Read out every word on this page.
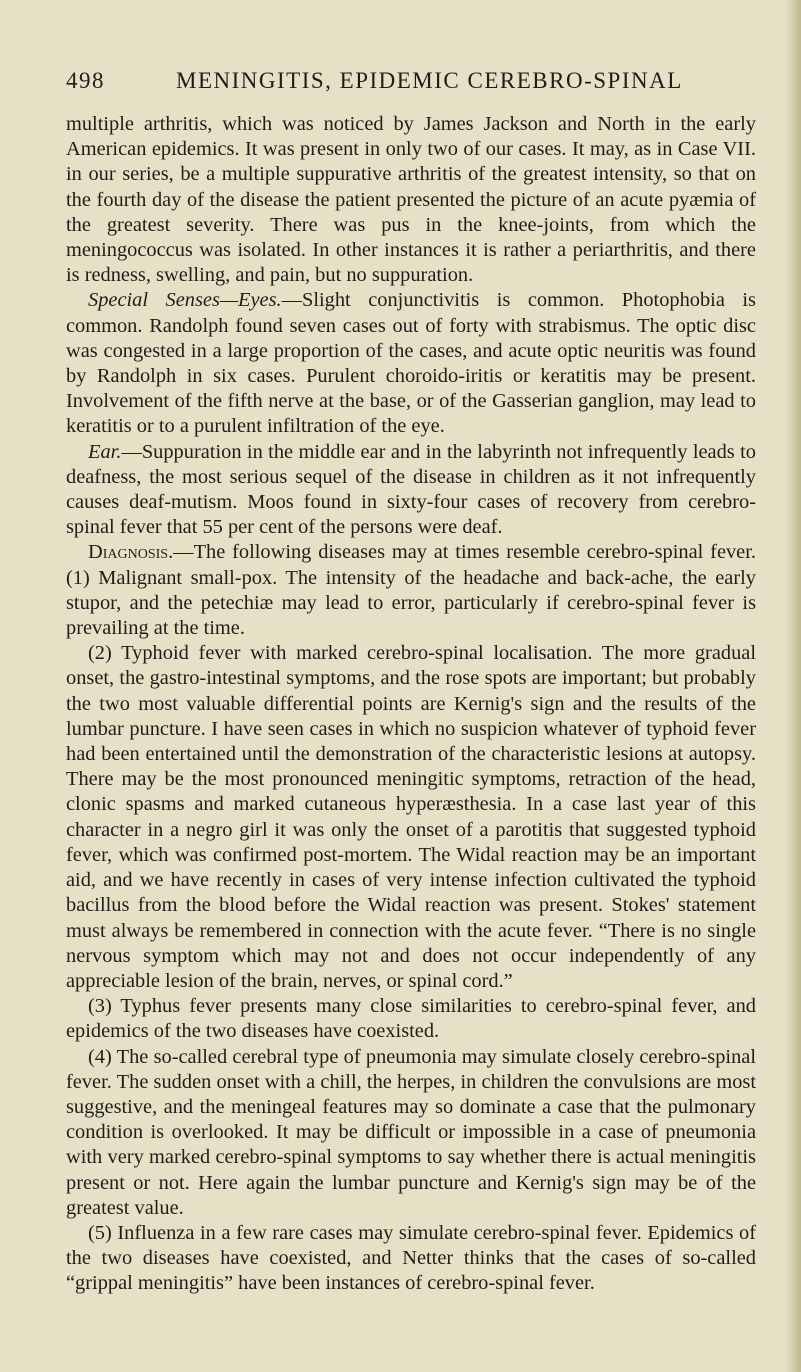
498	MENINGITIS, EPIDEMIC CEREBRO-SPINAL

multiple arthritis, which was noticed by James Jackson and North in the early American epidemics. It was present in only two of our cases. It may, as in Case VII. in our series, be a multiple suppurative arthritis of the greatest intensity, so that on the fourth day of the disease the patient presented the picture of an acute pyæmia of the greatest severity. There was pus in the knee-joints, from which the meningococcus was isolated. In other instances it is rather a periarthritis, and there is redness, swelling, and pain, but no suppuration.

Special Senses—Eyes.—Slight conjunctivitis is common. Photophobia is common. Randolph found seven cases out of forty with strabismus. The optic disc was congested in a large proportion of the cases, and acute optic neuritis was found by Randolph in six cases. Purulent choroido-iritis or keratitis may be present. Involvement of the fifth nerve at the base, or of the Gasserian ganglion, may lead to keratitis or to a purulent infiltration of the eye.

Ear.—Suppuration in the middle ear and in the labyrinth not infrequently leads to deafness, the most serious sequel of the disease in children as it not infrequently causes deaf-mutism. Moos found in sixty-four cases of recovery from cerebro-spinal fever that 55 per cent of the persons were deaf.

Diagnosis.—The following diseases may at times resemble cerebro-spinal fever. (1) Malignant small-pox. The intensity of the headache and back-ache, the early stupor, and the petechiæ may lead to error, particularly if cerebro-spinal fever is prevailing at the time.

(2) Typhoid fever with marked cerebro-spinal localisation. The more gradual onset, the gastro-intestinal symptoms, and the rose spots are important; but probably the two most valuable differential points are Kernig's sign and the results of the lumbar puncture. I have seen cases in which no suspicion whatever of typhoid fever had been entertained until the demonstration of the characteristic lesions at autopsy. There may be the most pronounced meningitic symptoms, retraction of the head, clonic spasms and marked cutaneous hyperæsthesia. In a case last year of this character in a negro girl it was only the onset of a parotitis that suggested typhoid fever, which was confirmed post-mortem. The Widal reaction may be an important aid, and we have recently in cases of very intense infection cultivated the typhoid bacillus from the blood before the Widal reaction was present. Stokes' statement must always be remembered in connection with the acute fever. “There is no single nervous symptom which may not and does not occur independently of any appreciable lesion of the brain, nerves, or spinal cord.”

(3) Typhus fever presents many close similarities to cerebro-spinal fever, and epidemics of the two diseases have coexisted.

(4) The so-called cerebral type of pneumonia may simulate closely cerebro-spinal fever. The sudden onset with a chill, the herpes, in children the convulsions are most suggestive, and the meningeal features may so dominate a case that the pulmonary condition is overlooked. It may be difficult or impossible in a case of pneumonia with very marked cerebro-spinal symptoms to say whether there is actual meningitis present or not. Here again the lumbar puncture and Kernig's sign may be of the greatest value.

(5) Influenza in a few rare cases may simulate cerebro-spinal fever. Epidemics of the two diseases have coexisted, and Netter thinks that the cases of so-called “grippal meningitis” have been instances of cerebro-spinal fever.
